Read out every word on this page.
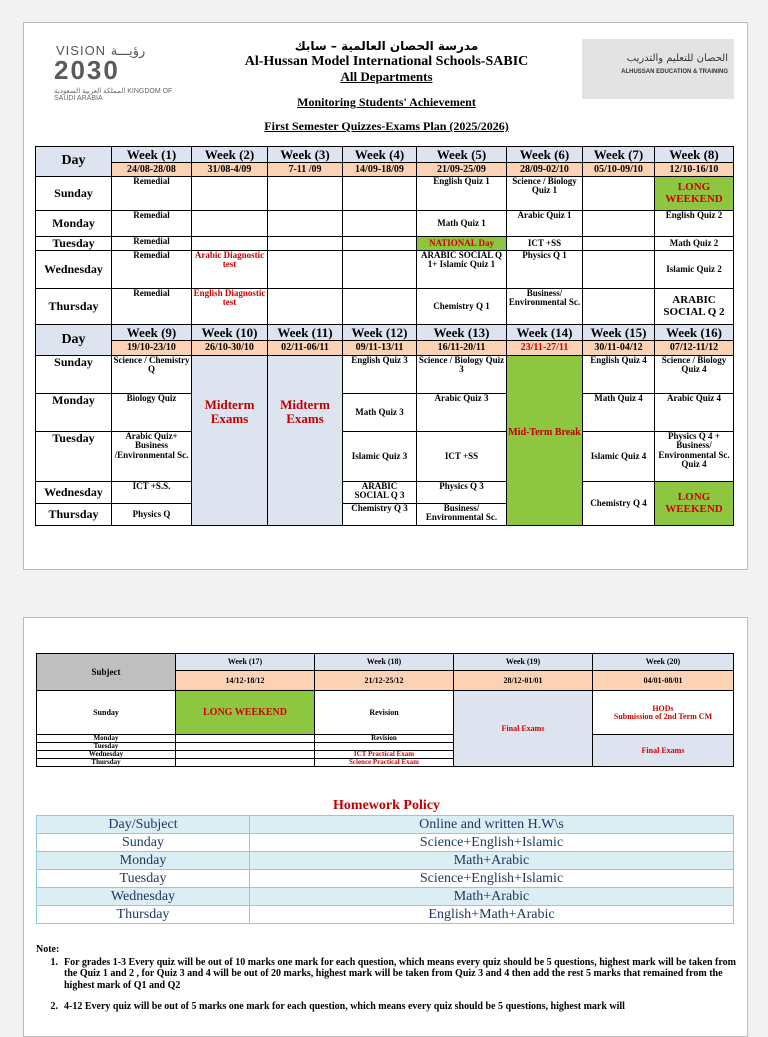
VISION رؤيـــة
2030
المملكة العربية السعودية KINGDOM OF SAUDI ARABIA
الحصان للتعليم والتدريب
ALHUSSAN EDUCATION & TRAINING
مدرسة الحصان العالمية – سابك
Al-Hussan Model International Schools-SABIC
All Departments
Monitoring Students' Achievement
First Semester Quizzes-Exams Plan (2025/2026)
Day	Week (1)	Week (2)	Week (3)	Week (4)	Week (5)	Week (6)	Week (7)	Week (8)
	24/08-28/08	31/08-4/09	7-11 /09	14/09-18/09	21/09-25/09	28/09-02/10	05/10-09/10	12/10-16/10
Sunday	Remedial				English Quiz 1	Science / Biology Quiz 1		LONG WEEKEND
Monday	Remedial				Math Quiz 1	Arabic Quiz 1		English Quiz 2
Tuesday	Remedial				NATIONAL Day	ICT +SS		Math Quiz 2
Wednesday	Remedial	Arabic Diagnostic test			ARABIC SOCIAL Q 1+ Islamic Quiz 1	Physics Q 1		Islamic Quiz 2
Thursday	Remedial	English Diagnostic test			Chemistry Q 1	Business/ Environmental Sc.		ARABIC SOCIAL Q 2
Day	Week (9)	Week (10)	Week (11)	Week (12)	Week (13)	Week (14)	Week (15)	Week (16)
	19/10-23/10	26/10-30/10	02/11-06/11	09/11-13/11	16/11-20/11	23/11-27/11	30/11-04/12	07/12-11/12
Sunday	Science / Chemistry Q	Midterm Exams	Midterm Exams	English Quiz 3	Science / Biology Quiz 3	Mid-Term Break	English Quiz 4	Science / Biology Quiz 4
Monday	Biology Quiz			Math Quiz 3	Arabic Quiz 3		Math Quiz 4	Arabic Quiz 4
Tuesday	Arabic Quiz+ Business /Environmental Sc.			Islamic Quiz 3	ICT +SS		Islamic Quiz 4	Physics Q 4 + Business/ Environmental Sc. Quiz 4
Wednesday	ICT +S.S.			ARABIC SOCIAL Q 3	Physics Q 3		Chemistry Q 4	LONG WEEKEND
Thursday	Physics Q			Chemistry Q 3	Business/ Environmental Sc.			
Subject	Week (17)	Week (18)	Week (19)	Week (20)
	14/12-18/12	21/12-25/12	28/12-01/01	04/01-08/01
Sunday	LONG WEEKEND	Revision	Final Exams	HODs
Submission of 2nd Term CM

Monday		Revision		Final Exams
Tuesday				
Wednesday		ICT Practical Exam		
Thursday		Science Practical Exam		
Homework Policy
Day/Subject	Online and written H.W\s
Sunday	Science+English+Islamic
Monday	Math+Arabic
Tuesday	Science+English+Islamic
Wednesday	Math+Arabic
Thursday	English+Math+Arabic
Note:
1. For grades 1-3 Every quiz will be out of 10 marks one mark for each question, which means every quiz should be 5 questions, highest mark will be taken from the Quiz 1 and 2 , for Quiz 3 and 4 will be out of 20 marks, highest mark will be taken from Quiz 3 and 4 then add the rest 5 marks that remained from the highest mark of Q1 and Q2
2. 4-12 Every quiz will be out of 5 marks one mark for each question, which means every quiz should be 5 questions, highest mark will
